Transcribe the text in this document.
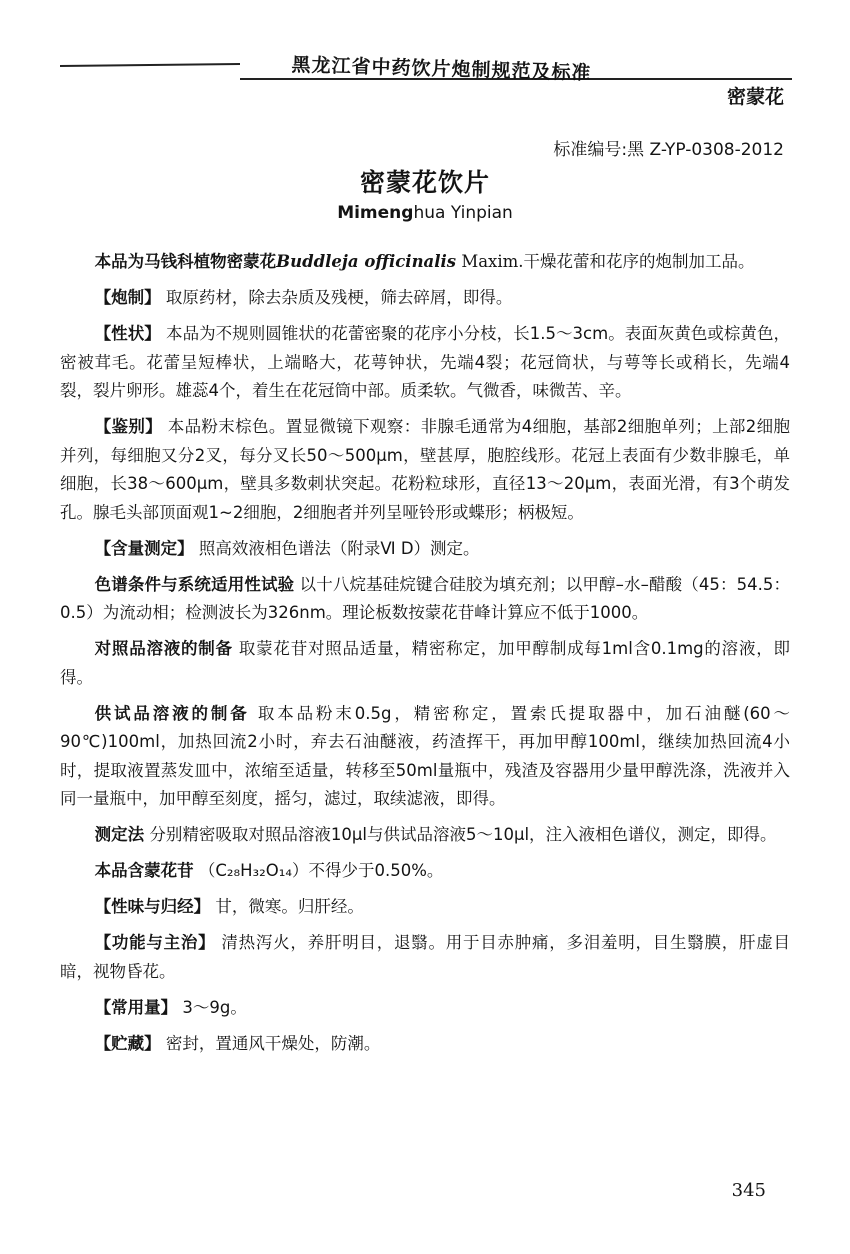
黑龙江省中药饮片炮制规范及标准
密蒙花
标准编号:黑 Z-YP-0308-2012
密蒙花饮片
Mimenghua Yinpian

本品为马钱科植物密蒙花Buddleja officinalis Maxim.干燥花蕾和花序的炮制加工品。

【炮制】 取原药材，除去杂质及残梗，筛去碎屑，即得。

【性状】 本品为不规则圆锥状的花蕾密聚的花序小分枝，长1.5～3cm。表面灰黄色或棕黄色，密被茸毛。花蕾呈短棒状，上端略大，花萼钟状，先端4裂；花冠筒状，与萼等长或稍长，先端4裂，裂片卵形。雄蕊4个，着生在花冠筒中部。质柔软。气微香，味微苦、辛。

【鉴别】 本品粉末棕色。置显微镜下观察：非腺毛通常为4细胞，基部2细胞单列；上部2细胞并列，每细胞又分2叉，每分叉长50～500μm，壁甚厚，胞腔线形。花冠上表面有少数非腺毛，单细胞，长38～600μm，壁具多数刺状突起。花粉粒球形，直径13～20μm，表面光滑，有3个萌发孔。腺毛头部顶面观1~2细胞，2细胞者并列呈哑铃形或蝶形；柄极短。

【含量测定】 照高效液相色谱法（附录Ⅵ D）测定。

色谱条件与系统适用性试验 以十八烷基硅烷键合硅胶为填充剂；以甲醇–水–醋酸（45：54.5：0.5）为流动相；检测波长为326nm。理论板数按蒙花苷峰计算应不低于1000。

对照品溶液的制备 取蒙花苷对照品适量，精密称定，加甲醇制成每1ml含0.1mg的溶液，即得。

供试品溶液的制备 取本品粉末0.5g，精密称定，置索氏提取器中，加石油醚(60～90℃)100ml，加热回流2小时，弃去石油醚液，药渣挥干，再加甲醇100ml，继续加热回流4小时，提取液置蒸发皿中，浓缩至适量，转移至50ml量瓶中，残渣及容器用少量甲醇洗涤，洗液并入同一量瓶中，加甲醇至刻度，摇匀，滤过，取续滤液，即得。

测定法 分别精密吸取对照品溶液10μl与供试品溶液5～10μl，注入液相色谱仪，测定，即得。

本品含蒙花苷 （C₂₈H₃₂O₁₄）不得少于0.50%。

【性味与归经】 甘，微寒。归肝经。

【功能与主治】 清热泻火，养肝明目，退翳。用于目赤肿痛，多泪羞明，目生翳膜，肝虚目暗，视物昏花。

【常用量】 3～9g。

【贮藏】 密封，置通风干燥处，防潮。

345
